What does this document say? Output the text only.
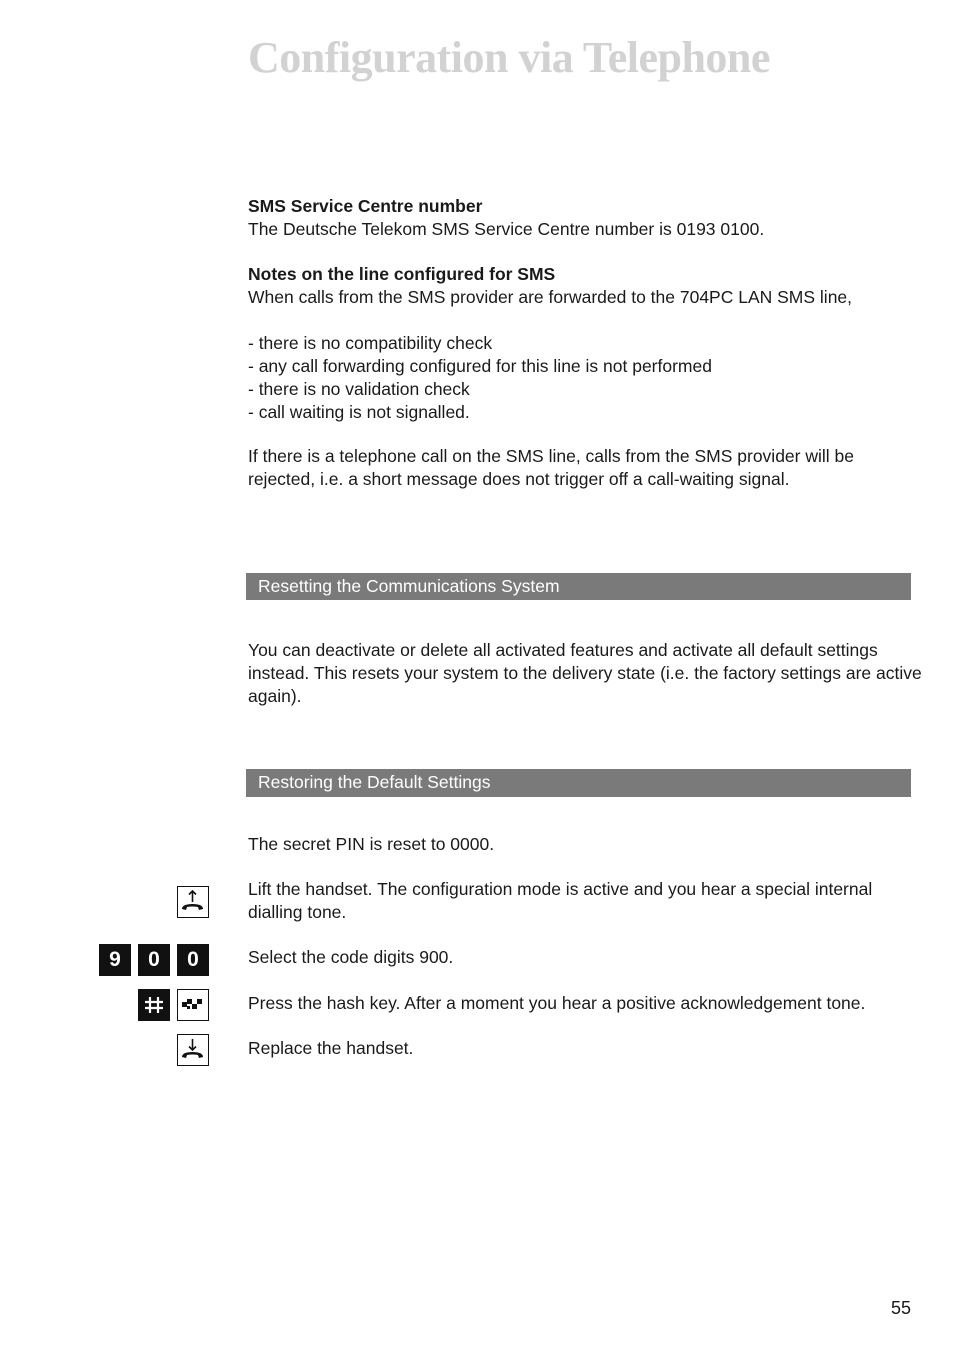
Configuration via Telephone
SMS Service Centre number
The Deutsche Telekom SMS Service Centre number is 0193 0100.
Notes on the line configured for SMS
When calls from the SMS provider are forwarded to the 704PC LAN SMS line,
- there is no compatibility check
- any call forwarding configured for this line is not performed
- there is no validation check
- call waiting is not signalled.
If there is a telephone call on the SMS line, calls from the SMS provider will be
rejected, i.e. a short message does not trigger off a call-waiting signal.
Resetting the Communications System
You can deactivate or delete all activated features and activate all default settings
instead. This resets your system to the delivery state (i.e. the factory settings are active
again).
Restoring the Default Settings
The secret PIN is reset to 0000.
Lift the handset. The configuration mode is active and you hear a special internal
dialling tone.
9	0	0	Select the code digits 900.
Press the hash key. After a moment you hear a positive acknowledgement tone.
Replace the handset.
55
